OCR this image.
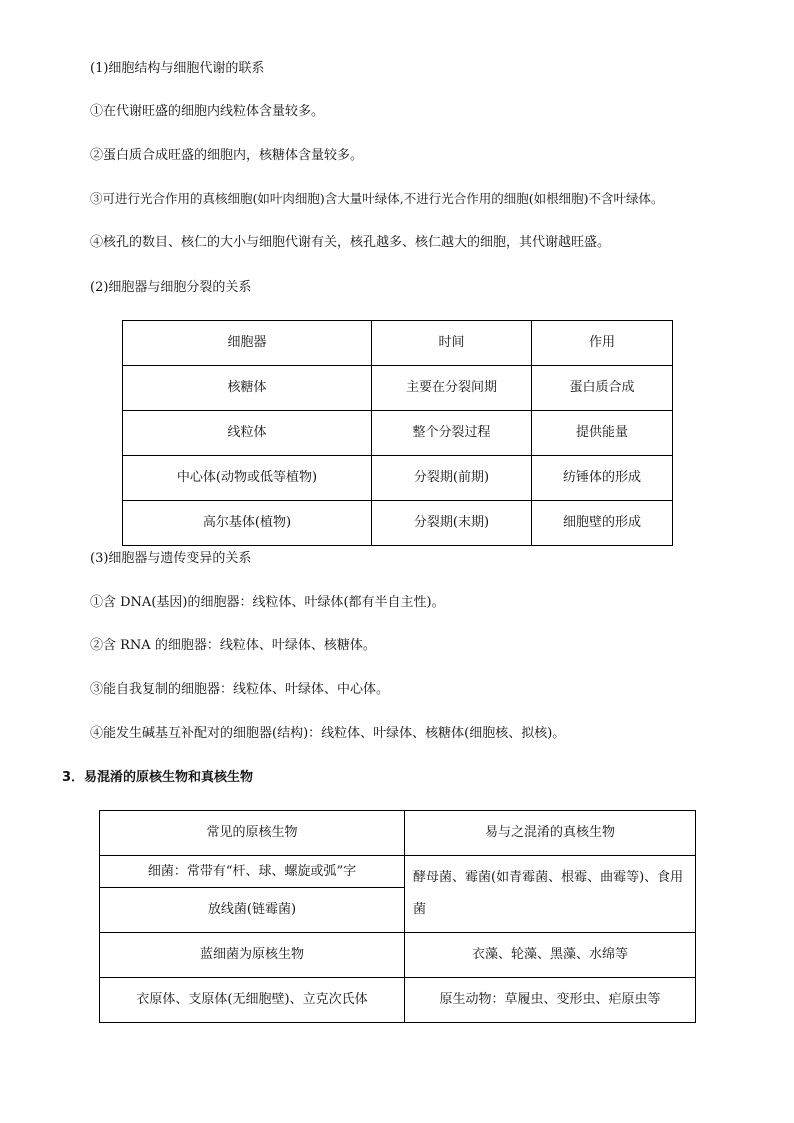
(1)细胞结构与细胞代谢的联系
①在代谢旺盛的细胞内线粒体含量较多。
②蛋白质合成旺盛的细胞内，核糖体含量较多。
③可进行光合作用的真核细胞(如叶肉细胞)含大量叶绿体,不进行光合作用的细胞(如根细胞)不含叶绿体。
④核孔的数目、核仁的大小与细胞代谢有关，核孔越多、核仁越大的细胞，其代谢越旺盛。
(2)细胞器与细胞分裂的关系
细胞器	时间	作用
核糖体	主要在分裂间期	蛋白质合成
线粒体	整个分裂过程	提供能量
中心体(动物或低等植物)	分裂期(前期)	纺锤体的形成
高尔基体(植物)	分裂期(末期)	细胞壁的形成
(3)细胞器与遗传变异的关系
①含 DNA(基因)的细胞器：线粒体、叶绿体(都有半自主性)。
②含 RNA 的细胞器：线粒体、叶绿体、核糖体。
③能自我复制的细胞器：线粒体、叶绿体、中心体。
④能发生碱基互补配对的细胞器(结构)：线粒体、叶绿体、核糖体(细胞核、拟核)。
3．易混淆的原核生物和真核生物
常见的原核生物	易与之混淆的真核生物
细菌：常带有“杆、球、螺旋或弧”字	酵母菌、霉菌(如青霉菌、根霉、曲霉等)、食用菌
放线菌(链霉菌)	
蓝细菌为原核生物	衣藻、轮藻、黑藻、水绵等
衣原体、支原体(无细胞壁)、立克次氏体	原生动物：草履虫、变形虫、疟原虫等
